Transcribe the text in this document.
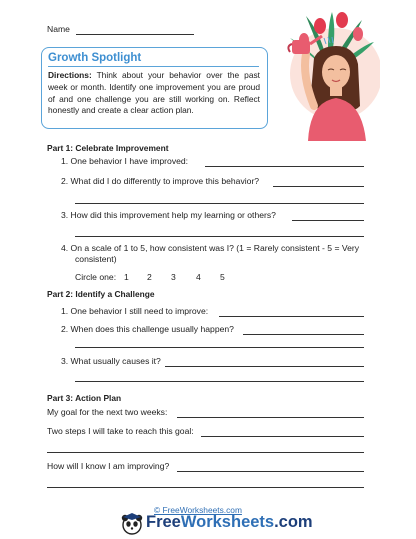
Name
Growth Spotlight
Directions: Think about your behavior over the past week or month. Identify one improvement you are proud of and one challenge you are still working on. Reflect honestly and create a clear action plan.
Part 1: Celebrate Improvement
1. One behavior I have improved:
2. What did I do differently to improve this behavior?
3. How did this improvement help my learning or others?
4. On a scale of 1 to 5, how consistent was I? (1 = Rarely consistent - 5 = Very
consistent)
Circle one: 1 2 3 4 5
Part 2: Identify a Challenge
1. One behavior I still need to improve:
2. When does this challenge usually happen?
3. What usually causes it?
Part 3: Action Plan
My goal for the next two weeks:
Two steps I will take to reach this goal:
How will I know I am improving?
© FreeWorksheets.com
FreeWorksheets.com
